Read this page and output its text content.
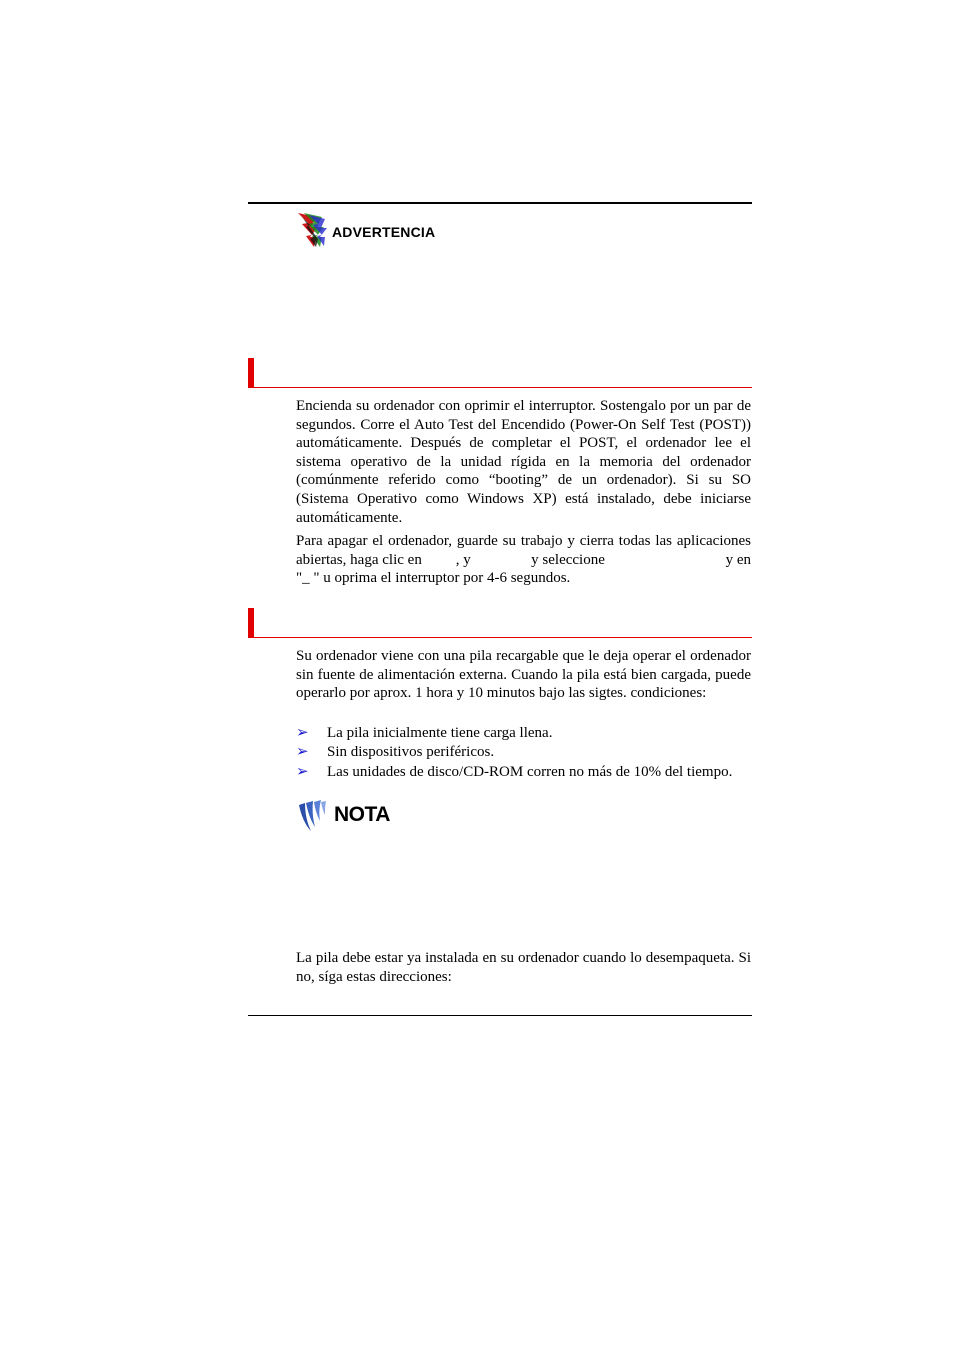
ADVERTENCIA
Encienda su ordenador con oprimir el interruptor. Sostengalo por un par de segundos. Corre el Auto Test del Encendido (Power-On Self Test (POST)) automáticamente. Después de completar el POST, el ordenador lee el sistema operativo de la unidad rígida en la memoria del ordenador (comúnmente referido como “booting” de un ordenador). Si su SO (Sistema Operativo como Windows XP) está instalado, debe iniciarse automáticamente.
Para apagar el ordenador, guarde su trabajo y cierra todas las aplicaciones abiertas, haga clic en         , y                y seleccione                                y en "_ " u oprima el interruptor por 4-6 segundos.
Su ordenador viene con una pila recargable que le deja operar el ordenador sin fuente de alimentación externa. Cuando la pila está bien cargada, puede operarlo por aprox. 1 hora y 10 minutos bajo las sigtes. condiciones:
➢	La pila inicialmente tiene carga llena.
➢	Sin dispositivos periféricos.
➢	Las unidades de disco/CD-ROM corren no más de 10% del tiempo.
NOTA
La pila debe estar ya instalada en su ordenador cuando lo desempaqueta. Si no, síga estas direcciones:
